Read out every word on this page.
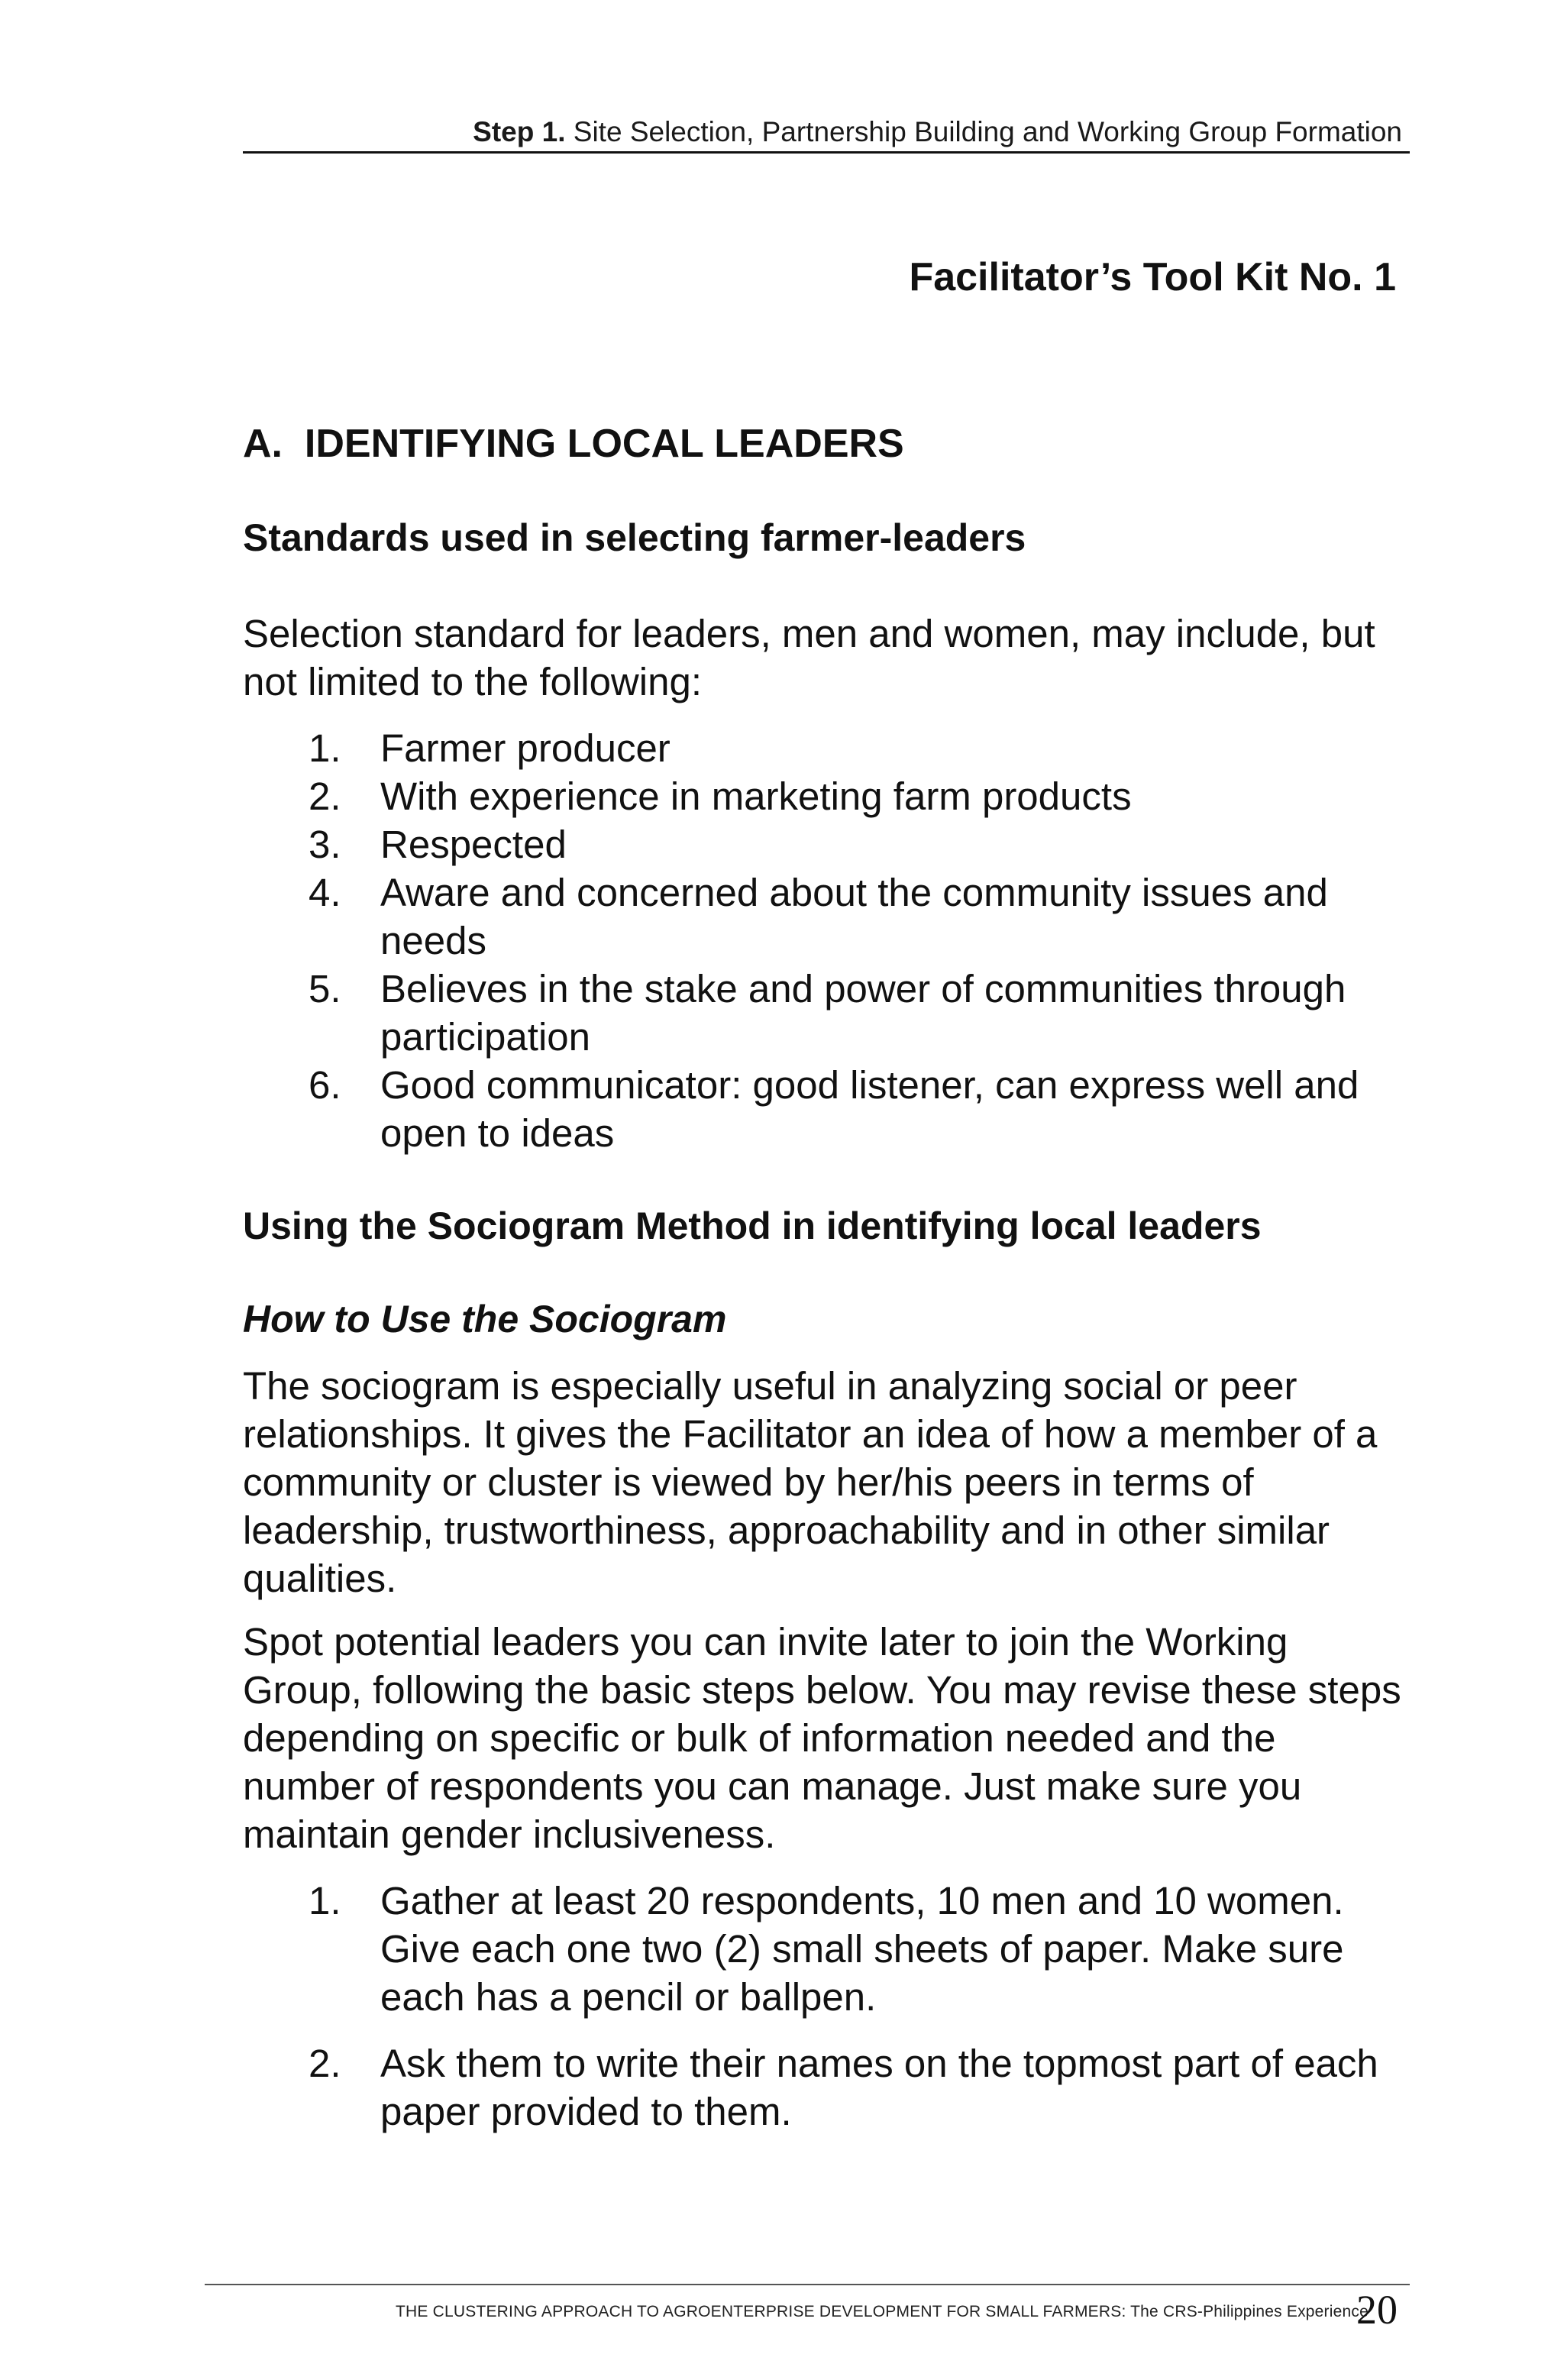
Step 1. Site Selection, Partnership Building and Working Group Formation
Facilitator’s Tool Kit No. 1
A.  IDENTIFYING LOCAL LEADERS
Standards used in selecting farmer-leaders

Selection standard for leaders, men and women, may include, but not limited to the following:

1.	Farmer producer
2.	With experience in marketing farm products
3.	Respected
4.	Aware and concerned about the community issues and needs
5.	Believes in the stake and power of communities through participation
6.	Good communicator: good listener, can express well and open to ideas
Using the Sociogram Method in identifying local leaders
How to Use the Sociogram

The sociogram is especially useful in analyzing social or peer relationships. It gives the Facilitator an idea of how a member of a community or cluster is viewed by her/his peers in terms of leadership, trustworthiness, approachability and in other similar qualities.

Spot potential leaders you can invite later to join the Working Group, following the basic steps below. You may revise these steps depending on specific or bulk of information needed and the number of respondents you can manage. Just make sure you maintain gender inclusiveness.

1.	Gather at least 20 respondents, 10 men and 10 women. Give each one two (2) small sheets of paper. Make sure each has a pencil or ballpen.
2.	Ask them to write their names on the topmost part of each paper provided to them.
THE CLUSTERING APPROACH TO AGROENTERPRISE DEVELOPMENT FOR SMALL FARMERS: The CRS-Philippines Experience
20
